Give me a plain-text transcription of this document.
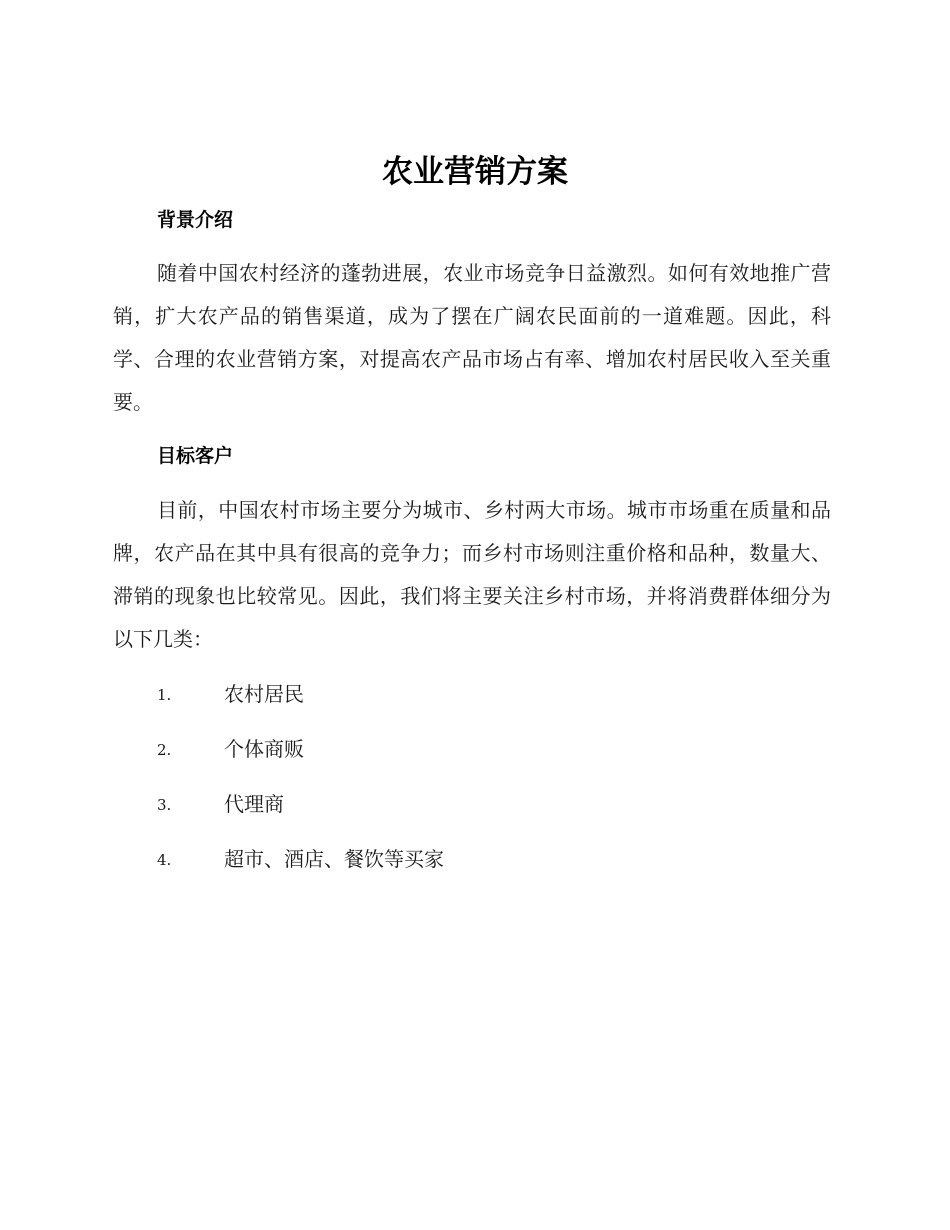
农业营销方案
背景介绍

随着中国农村经济的蓬勃进展，农业市场竞争日益激烈。如何有效地推广营销，扩大农产品的销售渠道，成为了摆在广阔农民面前的一道难题。因此，科学、合理的农业营销方案，对提高农产品市场占有率、增加农村居民收入至关重要。

目标客户

目前，中国农村市场主要分为城市、乡村两大市场。城市市场重在质量和品牌，农产品在其中具有很高的竞争力；而乡村市场则注重价格和品种，数量大、滞销的现象也比较常见。因此，我们将主要关注乡村市场，并将消费群体细分为以下几类：

1.	农村居民
2.	个体商贩
3.	代理商
4.	超市、酒店、餐饮等买家
